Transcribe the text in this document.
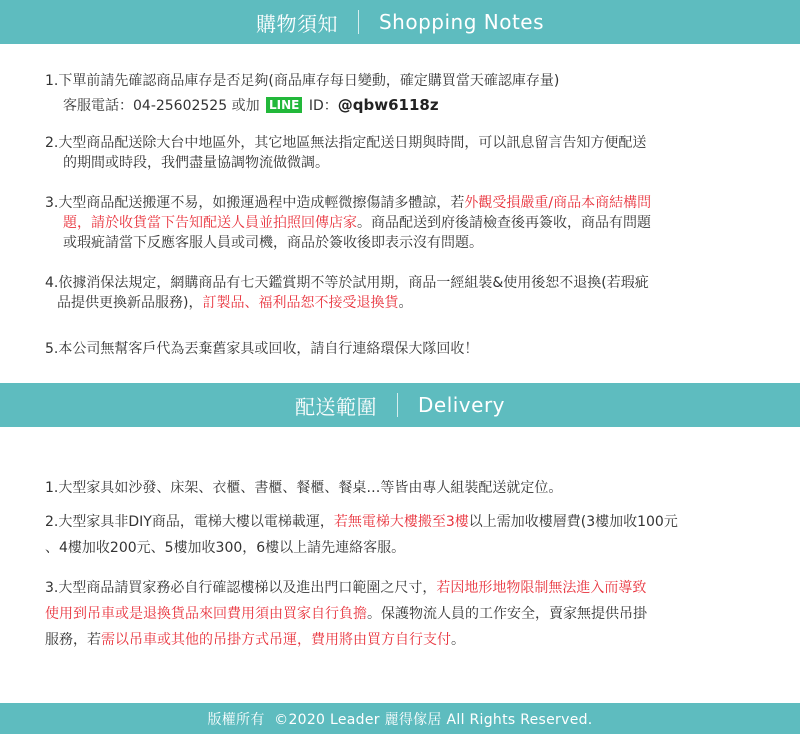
購物須知 Shopping Notes
1.下單前請先確認商品庫存是否足夠(商品庫存每日變動，確定購買當天確認庫存量)
客服電話：04-25602525 或加 LINE ID：@qbw6118z
2.大型商品配送除大台中地區外，其它地區無法指定配送日期與時間，可以訊息留言告知方便配送
的期間或時段，我們盡量協調物流做微調。
3.大型商品配送搬運不易，如搬運過程中造成輕微擦傷請多體諒，若外觀受損嚴重/商品本商結構問
題，請於收貨當下告知配送人員並拍照回傳店家。商品配送到府後請檢查後再簽收，商品有問題
或瑕疵請當下反應客服人員或司機，商品於簽收後即表示沒有問題。
4.依據消保法規定，網購商品有七天鑑賞期不等於試用期，商品一經組裝&使用後恕不退換(若瑕疵
品提供更換新品服務)，訂製品、福利品恕不接受退換貨。
5.本公司無幫客戶代為丟棄舊家具或回收，請自行連絡環保大隊回收！
配送範圍 Delivery
1.大型家具如沙發、床架、衣櫃、書櫃、餐櫃、餐桌…等皆由專人組裝配送就定位。
2.大型家具非DIY商品，電梯大樓以電梯載運，若無電梯大樓搬至3樓以上需加收樓層費(3樓加收100元
、4樓加收200元、5樓加收300，6樓以上請先連絡客服。
3.大型商品請買家務必自行確認樓梯以及進出門口範圍之尺寸，若因地形地物限制無法進入而導致
使用到吊車或是退換貨品來回費用須由買家自行負擔。保護物流人員的工作安全，賣家無提供吊掛
服務，若需以吊車或其他的吊掛方式吊運，費用將由買方自行支付。
版權所有  ©2020 Leader 麗得傢居 All Rights Reserved.
